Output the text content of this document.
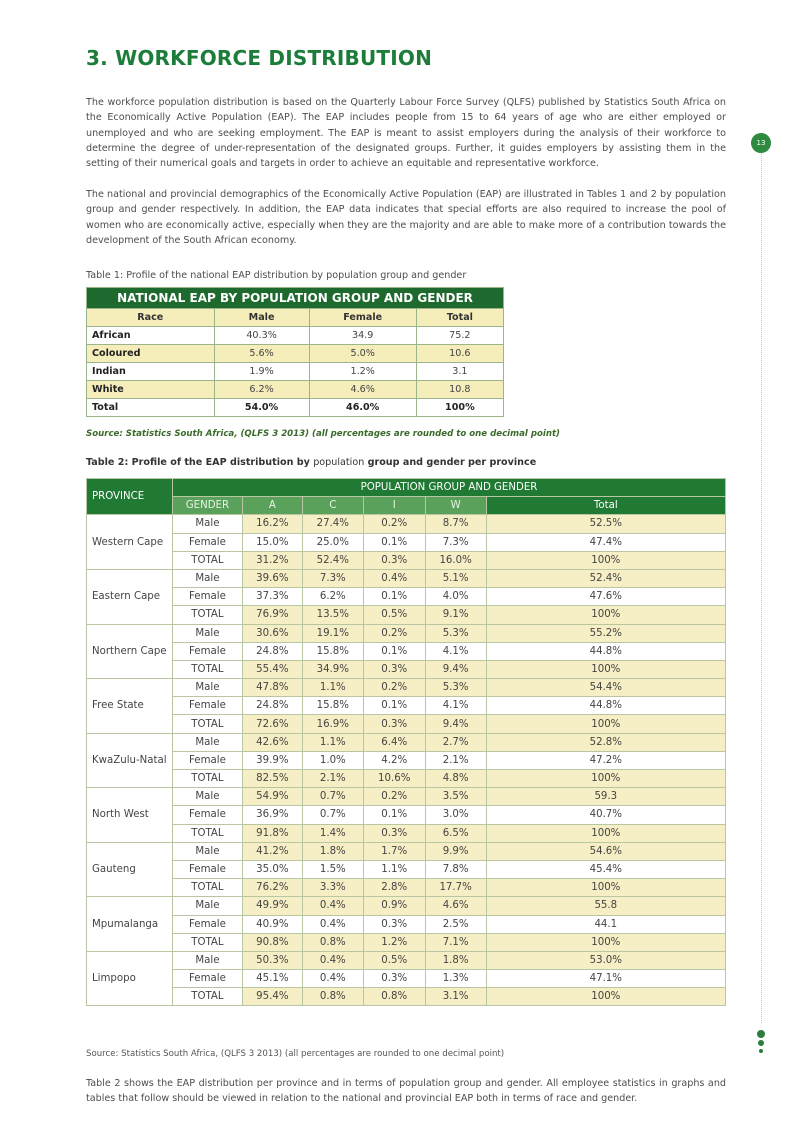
3. WORKFORCE DISTRIBUTION

The workforce population distribution is based on the Quarterly Labour Force Survey (QLFS) published by Statistics South Africa on the Economically Active Population (EAP). The EAP includes people from 15 to 64 years of age who are either employed or unemployed and who are seeking employment. The EAP is meant to assist employers during the analysis of their workforce to determine the degree of under-representation of the designated groups. Further, it guides employers by assisting them in the setting of their numerical goals and targets in order to achieve an equitable and representative workforce.

The national and provincial demographics of the Economically Active Population (EAP) are illustrated in Tables 1 and 2 by population group and gender respectively. In addition, the EAP data indicates that special efforts are also required to increase the pool of women who are economically active, especially when they are the majority and are able to make more of a contribution towards the development of the South African economy.

13

Table 1: Profile of the national EAP distribution by population group and gender

NATIONAL EAP BY POPULATION GROUP AND GENDER			
Race	Male	Female	Total
African	40.3%	34.9	75.2
Coloured	5.6%	5.0%	10.6
Indian	1.9%	1.2%	3.1
White	6.2%	4.6%	10.8
Total	54.0%	46.0%	100%

Source: Statistics South Africa, (QLFS 3 2013) (all percentages are rounded to one decimal point)

Table 2: Profile of the EAP distribution by population group and gender per province

PROVINCE	POPULATION GROUP AND GENDER					
	GENDER	A	C	I	W	Total
Western Cape	Male	16.2%	27.4%	0.2%	8.7%	52.5%
	Female	15.0%	25.0%	0.1%	7.3%	47.4%
	TOTAL	31.2%	52.4%	0.3%	16.0%	100%
Eastern Cape	Male	39.6%	7.3%	0.4%	5.1%	52.4%
	Female	37.3%	6.2%	0.1%	4.0%	47.6%
	TOTAL	76.9%	13.5%	0.5%	9.1%	100%
Northern Cape	Male	30.6%	19.1%	0.2%	5.3%	55.2%
	Female	24.8%	15.8%	0.1%	4.1%	44.8%
	TOTAL	55.4%	34.9%	0.3%	9.4%	100%
Free State	Male	47.8%	1.1%	0.2%	5.3%	54.4%
	Female	24.8%	15.8%	0.1%	4.1%	44.8%
	TOTAL	72.6%	16.9%	0.3%	9.4%	100%
KwaZulu-Natal	Male	42.6%	1.1%	6.4%	2.7%	52.8%
	Female	39.9%	1.0%	4.2%	2.1%	47.2%
	TOTAL	82.5%	2.1%	10.6%	4.8%	100%
North West	Male	54.9%	0.7%	0.2%	3.5%	59.3
	Female	36.9%	0.7%	0.1%	3.0%	40.7%
	TOTAL	91.8%	1.4%	0.3%	6.5%	100%
Gauteng	Male	41.2%	1.8%	1.7%	9.9%	54.6%
	Female	35.0%	1.5%	1.1%	7.8%	45.4%
	TOTAL	76.2%	3.3%	2.8%	17.7%	100%
Mpumalanga	Male	49.9%	0.4%	0.9%	4.6%	55.8
	Female	40.9%	0.4%	0.3%	2.5%	44.1
	TOTAL	90.8%	0.8%	1.2%	7.1%	100%
Limpopo	Male	50.3%	0.4%	0.5%	1.8%	53.0%
	Female	45.1%	0.4%	0.3%	1.3%	47.1%
	TOTAL	95.4%	0.8%	0.8%	3.1%	100%

Source: Statistics South Africa, (QLFS 3 2013) (all percentages are rounded to one decimal point)

Table 2 shows the EAP distribution per province and in terms of population group and gender. All employee statistics in graphs and tables that follow should be viewed in relation to the national and provincial EAP both in terms of race and gender.
